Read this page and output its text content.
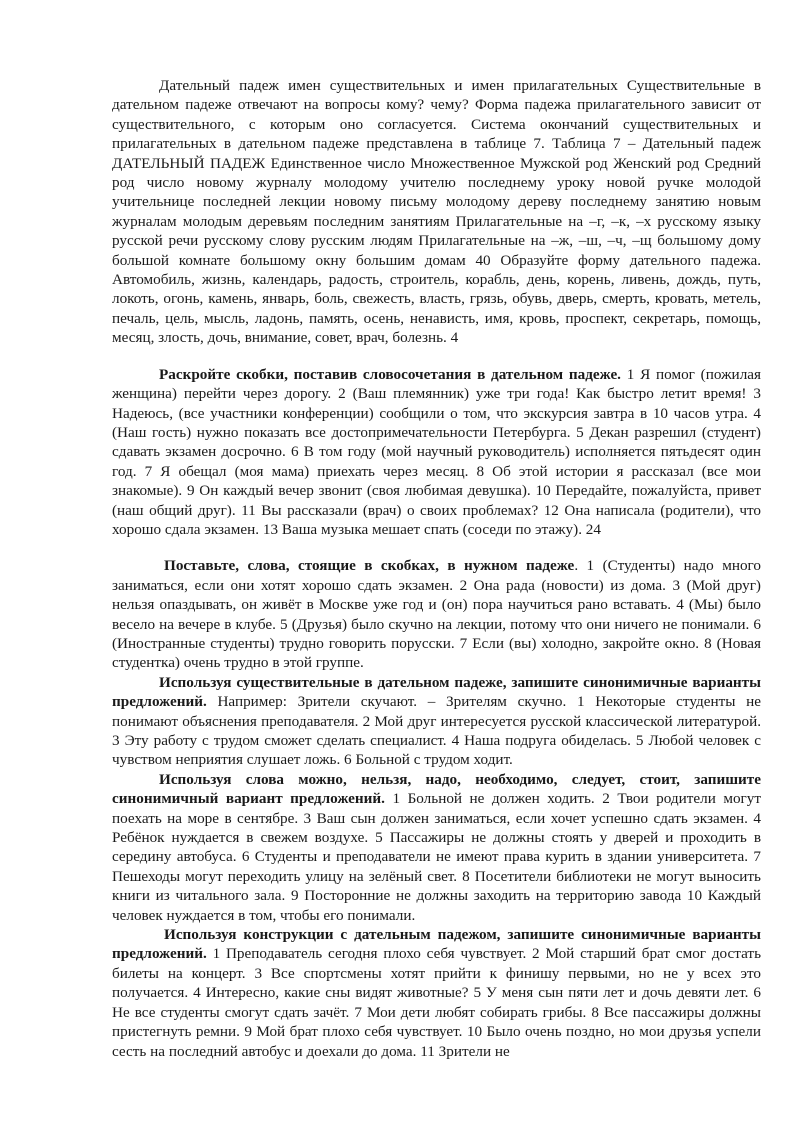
Дательный падеж имен существительных и имен прилагательных Существительные в дательном падеже отвечают на вопросы кому? чему? Форма падежа прилагательного зависит от существительного, с которым оно согласуется. Система окончаний существительных и прилагательных в дательном падеже представлена в таблице 7. Таблица 7 – Дательный падеж ДАТЕЛЬНЫЙ ПАДЕЖ Единственное число Множественное Мужской род Женский род Средний род число новому журналу молодому учителю последнему уроку новой ручке молодой учительнице последней лекции новому письму молодому дереву последнему занятию новым журналам молодым деревьям последним занятиям Прилагательные на –г, –к, –х русскому языку русской речи русскому слову русским людям Прилагательные на –ж, –ш, –ч, –щ большому дому большой комнате большому окну большим домам 40 Образуйте форму дательного падежа. Автомобиль, жизнь, календарь, радость, строитель, корабль, день, корень, ливень, дождь, путь, локоть, огонь, камень, январь, боль, свежесть, власть, грязь, обувь, дверь, смерть, кровать, метель, печаль, цель, мысль, ладонь, память, осень, ненависть, имя, кровь, проспект, секретарь, помощь, месяц, злость, дочь, внимание, совет, врач, болезнь. 4

Раскройте скобки, поставив словосочетания в дательном падеже. 1 Я помог (пожилая женщина) перейти через дорогу. 2 (Ваш племянник) уже три года! Как быстро летит время! 3 Надеюсь, (все участники конференции) сообщили о том, что экскурсия завтра в 10 часов утра. 4 (Наш гость) нужно показать все достопримечательности Петербурга. 5 Декан разрешил (студент) сдавать экзамен досрочно. 6 В том году (мой научный руководитель) исполняется пятьдесят один год. 7 Я обещал (моя мама) приехать через месяц. 8 Об этой истории я рассказал (все мои знакомые). 9 Он каждый вечер звонит (своя любимая девушка). 10 Передайте, пожалуйста, привет (наш общий друг). 11 Вы рассказали (врач) о своих проблемах? 12 Она написала (родители), что хорошо сдала экзамен. 13 Ваша музыка мешает спать (соседи по этажу). 24

Поставьте, слова, стоящие в скобках, в нужном падеже. 1 (Студенты) надо много заниматься, если они хотят хорошо сдать экзамен. 2 Она рада (новости) из дома. 3 (Мой друг) нельзя опаздывать, он живёт в Москве уже год и (он) пора научиться рано вставать. 4 (Мы) было весело на вечере в клубе. 5 (Друзья) было скучно на лекции, потому что они ничего не понимали. 6 (Иностранные студенты) трудно говорить порусски. 7 Если (вы) холодно, закройте окно. 8 (Новая студентка) очень трудно в этой группе.

Используя существительные в дательном падеже, запишите синонимичные варианты предложений. Например: Зрители скучают. – Зрителям скучно. 1 Некоторые студенты не понимают объяснения преподавателя. 2 Мой друг интересуется русской классической литературой. 3 Эту работу с трудом сможет сделать специалист. 4 Наша подруга обиделась. 5 Любой человек с чувством неприятия слушает ложь. 6 Больной с трудом ходит.

Используя слова можно, нельзя, надо, необходимо, следует, стоит, запишите синонимичный вариант предложений. 1 Больной не должен ходить. 2 Твои родители могут поехать на море в сентябре. 3 Ваш сын должен заниматься, если хочет успешно сдать экзамен. 4 Ребёнок нуждается в свежем воздухе. 5 Пассажиры не должны стоять у дверей и проходить в середину автобуса. 6 Студенты и преподаватели не имеют права курить в здании университета. 7 Пешеходы могут переходить улицу на зелёный свет. 8 Посетители библиотеки не могут выносить книги из читального зала. 9 Посторонние не должны заходить на территорию завода 10 Каждый человек нуждается в том, чтобы его понимали.

Используя конструкции с дательным падежом, запишите синонимичные варианты предложений. 1 Преподаватель сегодня плохо себя чувствует. 2 Мой старший брат смог достать билеты на концерт. 3 Все спортсмены хотят прийти к финишу первыми, но не у всех это получается. 4 Интересно, какие сны видят животные? 5 У меня сын пяти лет и дочь девяти лет. 6 Не все студенты смогут сдать зачёт. 7 Мои дети любят собирать грибы. 8 Все пассажиры должны пристегнуть ремни. 9 Мой брат плохо себя чувствует. 10 Было очень поздно, но мои друзья успели сесть на последний автобус и доехали до дома. 11 Зрители не
